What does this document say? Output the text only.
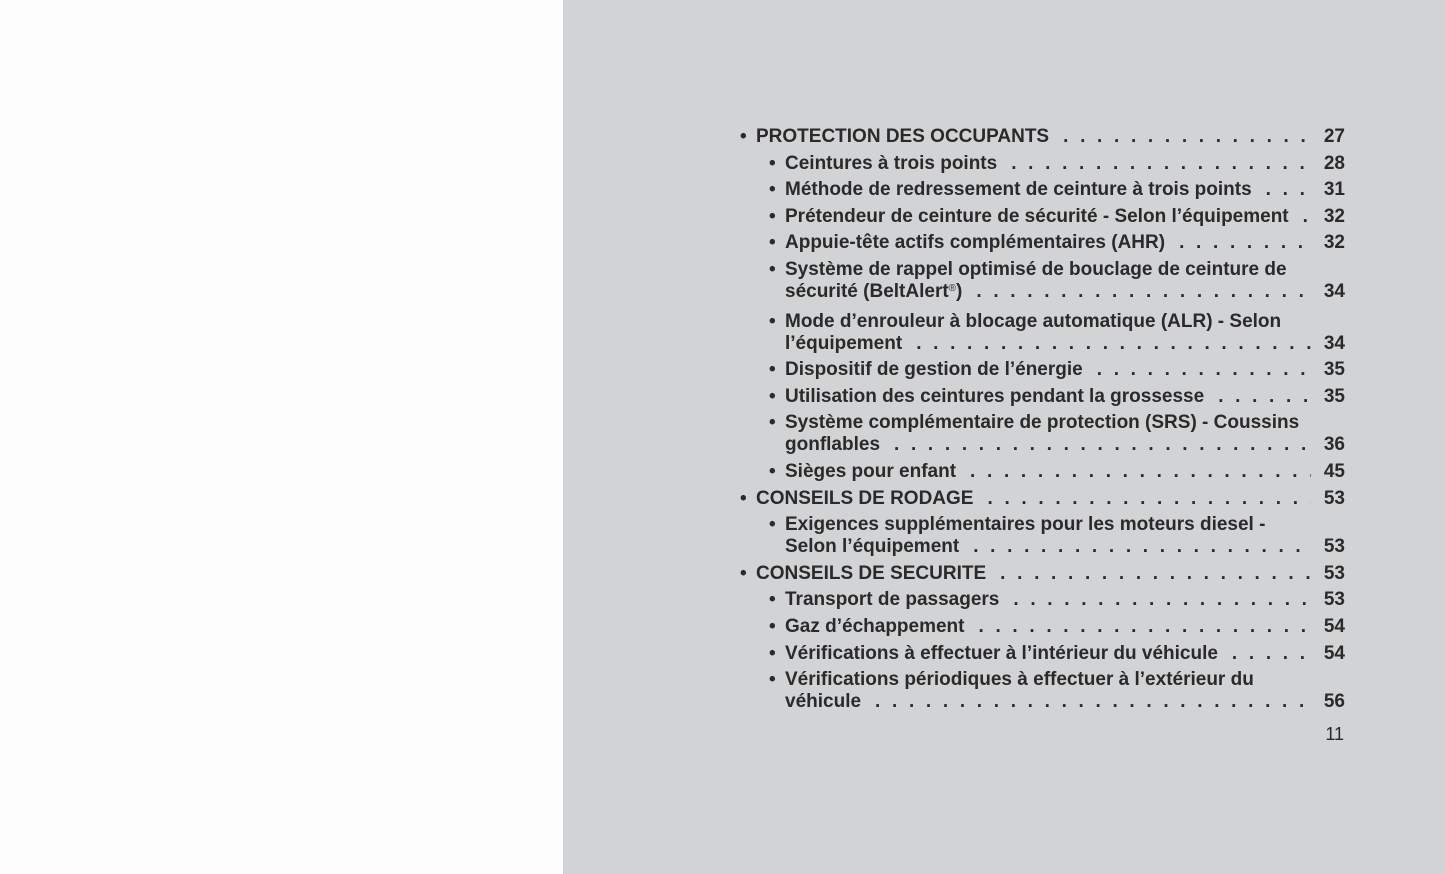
• PROTECTION DES OCCUPANTS . . .	27
• Ceintures à trois points . . .	28
• Méthode de redressement de ceinture à trois points . . .	31
• Prétendeur de ceinture de sécurité - Selon l’équipement . . .	32
• Appuie-tête actifs complémentaires (AHR) . . .	32
• Système de rappel optimisé de bouclage de ceinture de
sécurité (BeltAlert®) . . .	34
• Mode d’enrouleur à blocage automatique (ALR) - Selon
l’équipement . . .	34
• Dispositif de gestion de l’énergie . . .	35
• Utilisation des ceintures pendant la grossesse . . .	35
• Système complémentaire de protection (SRS) - Coussins
gonflables . . .	36
• Sièges pour enfant . . .	45
• CONSEILS DE RODAGE . . .	53
• Exigences supplémentaires pour les moteurs diesel -
Selon l’équipement . . .	53
• CONSEILS DE SECURITE . . .	53
• Transport de passagers . . .	53
• Gaz d’échappement . . .	54
• Vérifications à effectuer à l’intérieur du véhicule . . .	54
• Vérifications périodiques à effectuer à l’extérieur du
véhicule . . .	56
11
